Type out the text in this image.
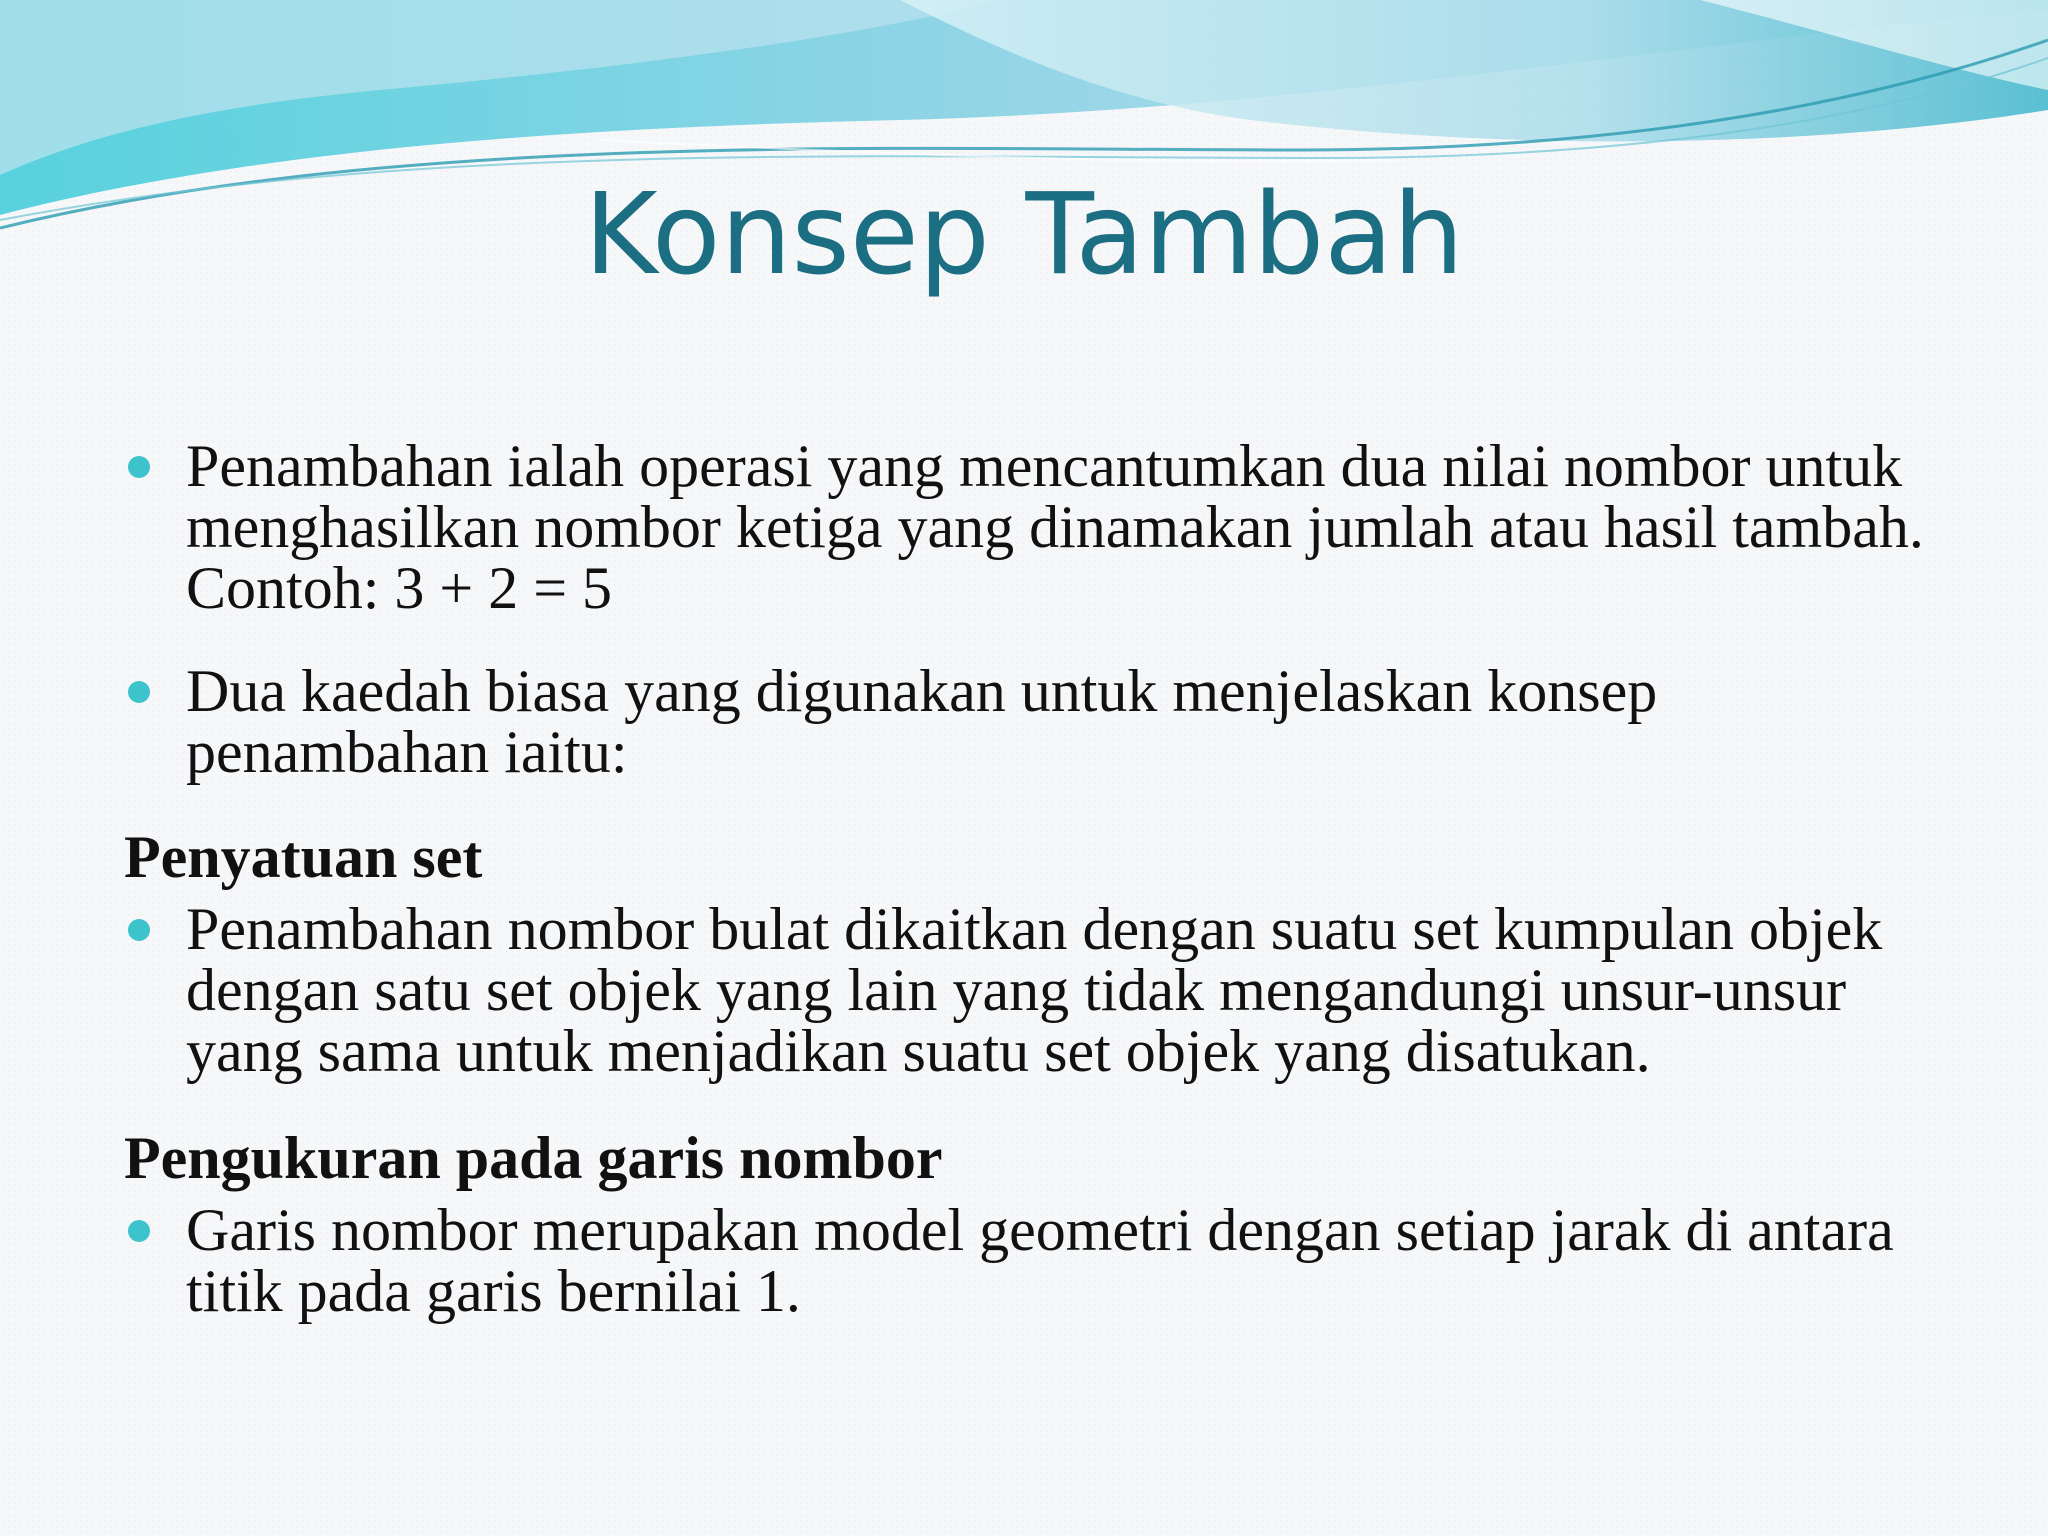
Konsep Tambah
Penambahan ialah operasi yang mencantumkan dua nilai nombor untuk menghasilkan nombor ketiga yang dinamakan jumlah atau hasil tambah. Contoh: 3 + 2 = 5
Dua kaedah biasa yang digunakan untuk menjelaskan konsep penambahan iaitu:
Penyatuan set
Penambahan nombor bulat dikaitkan dengan suatu set kumpulan objek dengan satu set objek yang lain yang tidak mengandungi unsur-unsur yang sama untuk menjadikan suatu set objek yang disatukan.
Pengukuran pada garis nombor
Garis nombor merupakan model geometri dengan setiap jarak di antara titik pada garis bernilai 1.
